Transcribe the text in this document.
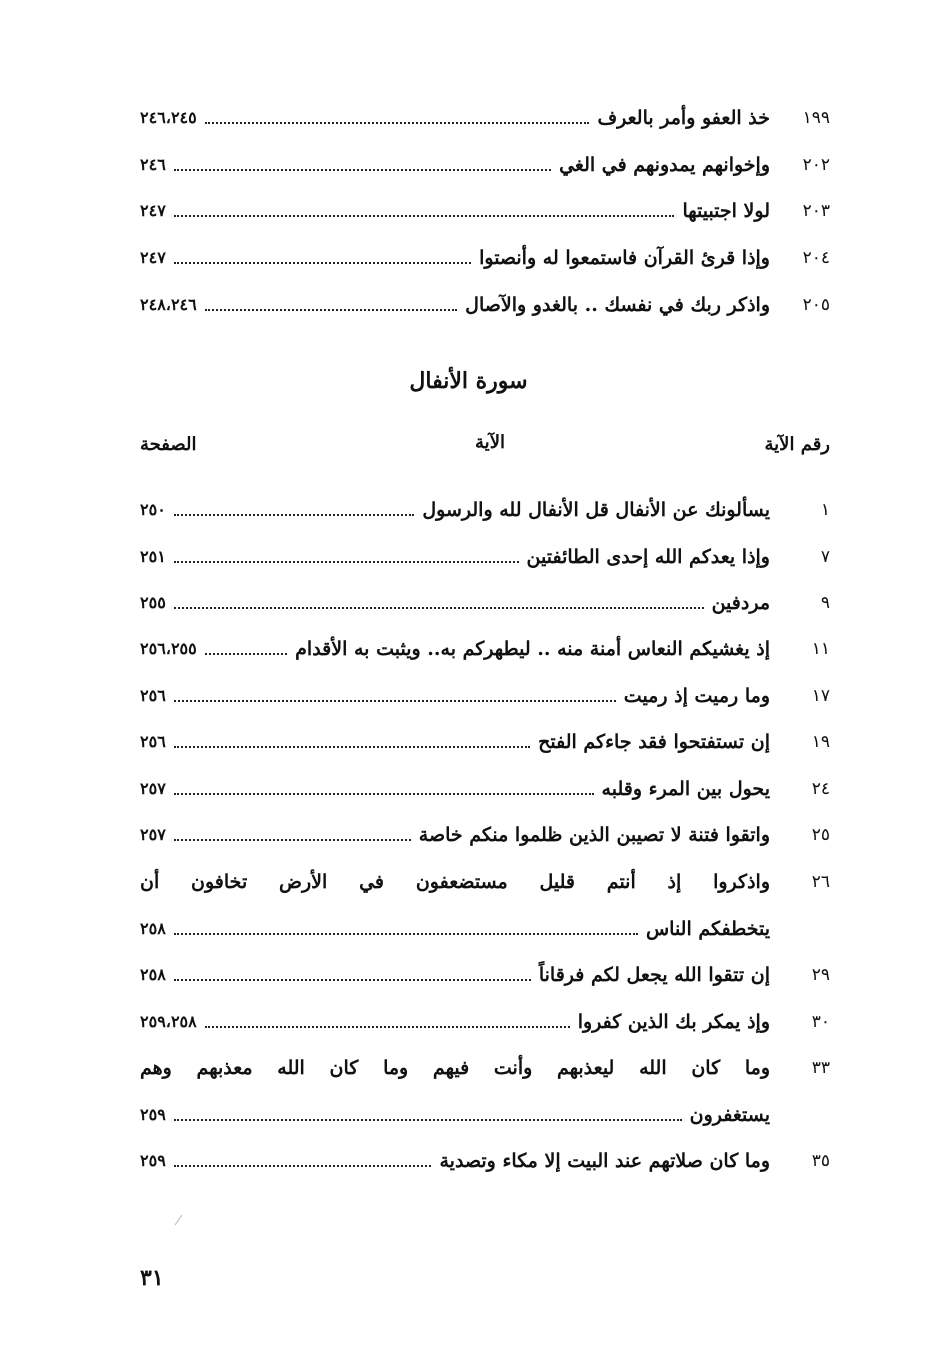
١٩٩
خذ العفو وأمر بالعرف
٢٤٦،٢٤٥
٢٠٢
وإخوانهم يمدونهم في الغي
٢٤٦
٢٠٣
لولا اجتبيتها
٢٤٧
٢٠٤
وإذا قرئ القرآن فاستمعوا له وأنصتوا
٢٤٧
٢٠٥
واذكر ربك في نفسك .. بالغدو والآصال
٢٤٨،٢٤٦
سورة الأنفال
رقم الآية
الآية
الصفحة
١
يسألونك عن الأنفال قل الأنفال لله والرسول
٢٥٠
٧
وإذا يعدكم الله إحدى الطائفتين
٢٥١
٩
مردفين
٢٥٥
١١
إذ يغشيكم النعاس أمنة منه .. ليطهركم به.. ويثبت به الأقدام
٢٥٦،٢٥٥
١٧
وما رميت إذ رميت
٢٥٦
١٩
إن تستفتحوا فقد جاءكم الفتح
٢٥٦
٢٤
يحول بين المرء وقلبه
٢٥٧
٢٥
واتقوا فتنة لا تصيبن الذين ظلموا منكم خاصة
٢٥٧
٢٦
واذكروا إذ أنتم قليل مستضعفون في الأرض تخافون أن
يتخطفكم الناس
٢٥٨
٢٩
إن تتقوا الله يجعل لكم فرقاناً
٢٥٨
٣٠
وإذ يمكر بك الذين كفروا
٢٥٩،٢٥٨
٣٣
وما كان الله ليعذبهم وأنت فيهم وما كان الله معذبهم وهم
يستغفرون
٢٥٩
٣٥
وما كان صلاتهم عند البيت إلا مكاء وتصدية
٢٥٩
٣١
